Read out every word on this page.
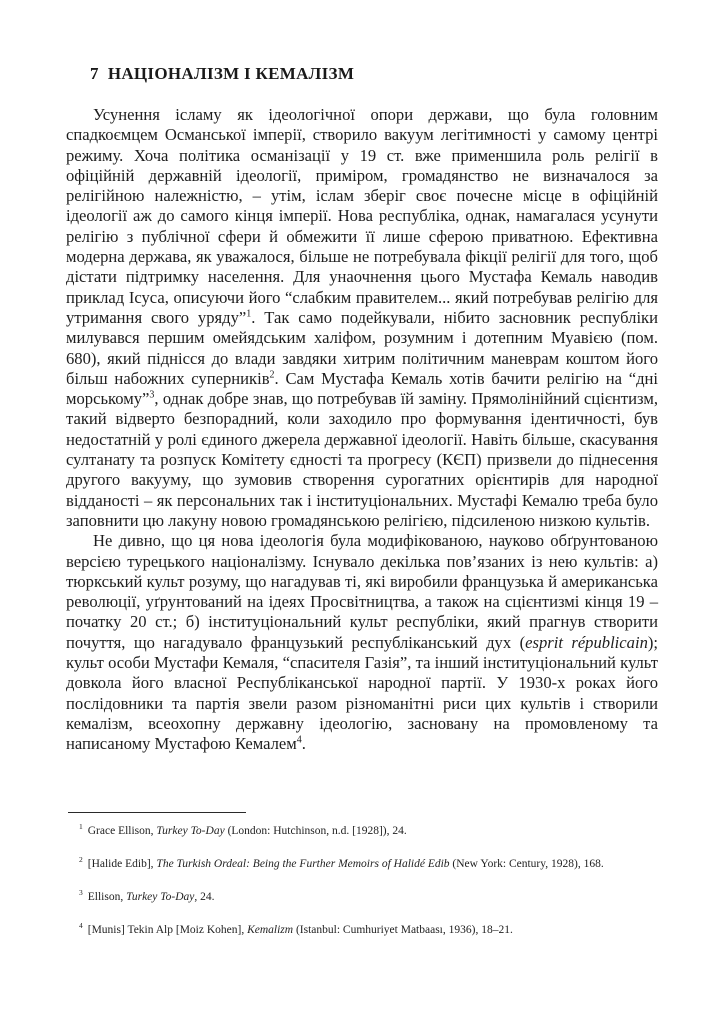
7 НАЦІОНАЛІЗМ І КЕМАЛІЗМ

Усунення ісламу як ідеологічної опори держави, що була головним спадкоємцем Османської імперії, створило вакуум легітимності у самому центрі режиму. Хоча політика османізації у 19 ст. вже применшила роль релігії в офіційній державній ідеології, приміром, громадянство не визначалося за релігійною належністю, – утім, іслам зберіг своє почесне місце в офіційній ідеології аж до самого кінця імперії. Нова республіка, однак, намагалася усунути релігію з публічної сфери й обмежити її лише сферою приватною. Ефективна модерна держава, як уважалося, більше не потребувала фікції релігії для того, щоб дістати підтримку населення. Для унаочнення цього Мустафа Кемаль наводив приклад Ісуса, описуючи його “слабким правителем... який потребував релігію для утримання свого уряду”$^1$. Так само подейкували, нібито засновник республіки милувався першим омейядським халіфом, розумним і дотепним Муавією (пом. 680), який піднісся до влади завдяки хитрим політичним маневрам коштом його більш набожних суперників$^2$. Сам Мустафа Кемаль хотів бачити релігію на “дні морському”$^3$, однак добре знав, що потребував їй заміну. Прямолінійний сцієнтизм, такий відверто безпорадний, коли заходило про формування ідентичності, був недостатній у ролі єдиного джерела державної ідеології. Навіть більше, скасування султанату та розпуск Комітету єдності та прогресу (КЄП) призвели до піднесення другого вакууму, що зумовив створення сурогатних орієнтирів для народної відданості – як персональних так і інституціональних. Мустафі Кемалю треба було заповнити цю лакуну новою громадянською релігією, підсиленою низкою культів.

Не дивно, що ця нова ідеологія була модифікованою, науково обґрунтованою версією турецького націоналізму. Існувало декілька пов’язаних із нею культів: а) тюркський культ розуму, що нагадував ті, які виробили французька й американська революції, уґрунтований на ідеях Просвітництва, а також на сцієнтизмі кінця 19 – початку 20 ст.; б) інституціональний культ республіки, який прагнув створити почуття, що нагадувало французький республіканський дух (esprit républicain); культ особи Мустафи Кемаля, “спасителя Газія”, та інший інституціональний культ довкола його власної Республіканської народної партії. У 1930-х роках його послідовники та партія звели разом різноманітні риси цих культів і створили кемалізм, всеохопну державну ідеологію, засновану на промовленому та написаному Мустафою Кемалем$^4$.

$^1$ Grace Ellison, Turkey To-Day (London: Hutchinson, n.d. [1928]), 24.
$^2$ [Halide Edib], The Turkish Ordeal: Being the Further Memoirs of Halidé Edib (New York: Century, 1928), 168.
$^3$ Ellison, Turkey To-Day, 24.
$^4$ [Munis] Tekin Alp [Moiz Kohen], Kemalizm (Istanbul: Cumhuriyet Matbaası, 1936), 18–21.
